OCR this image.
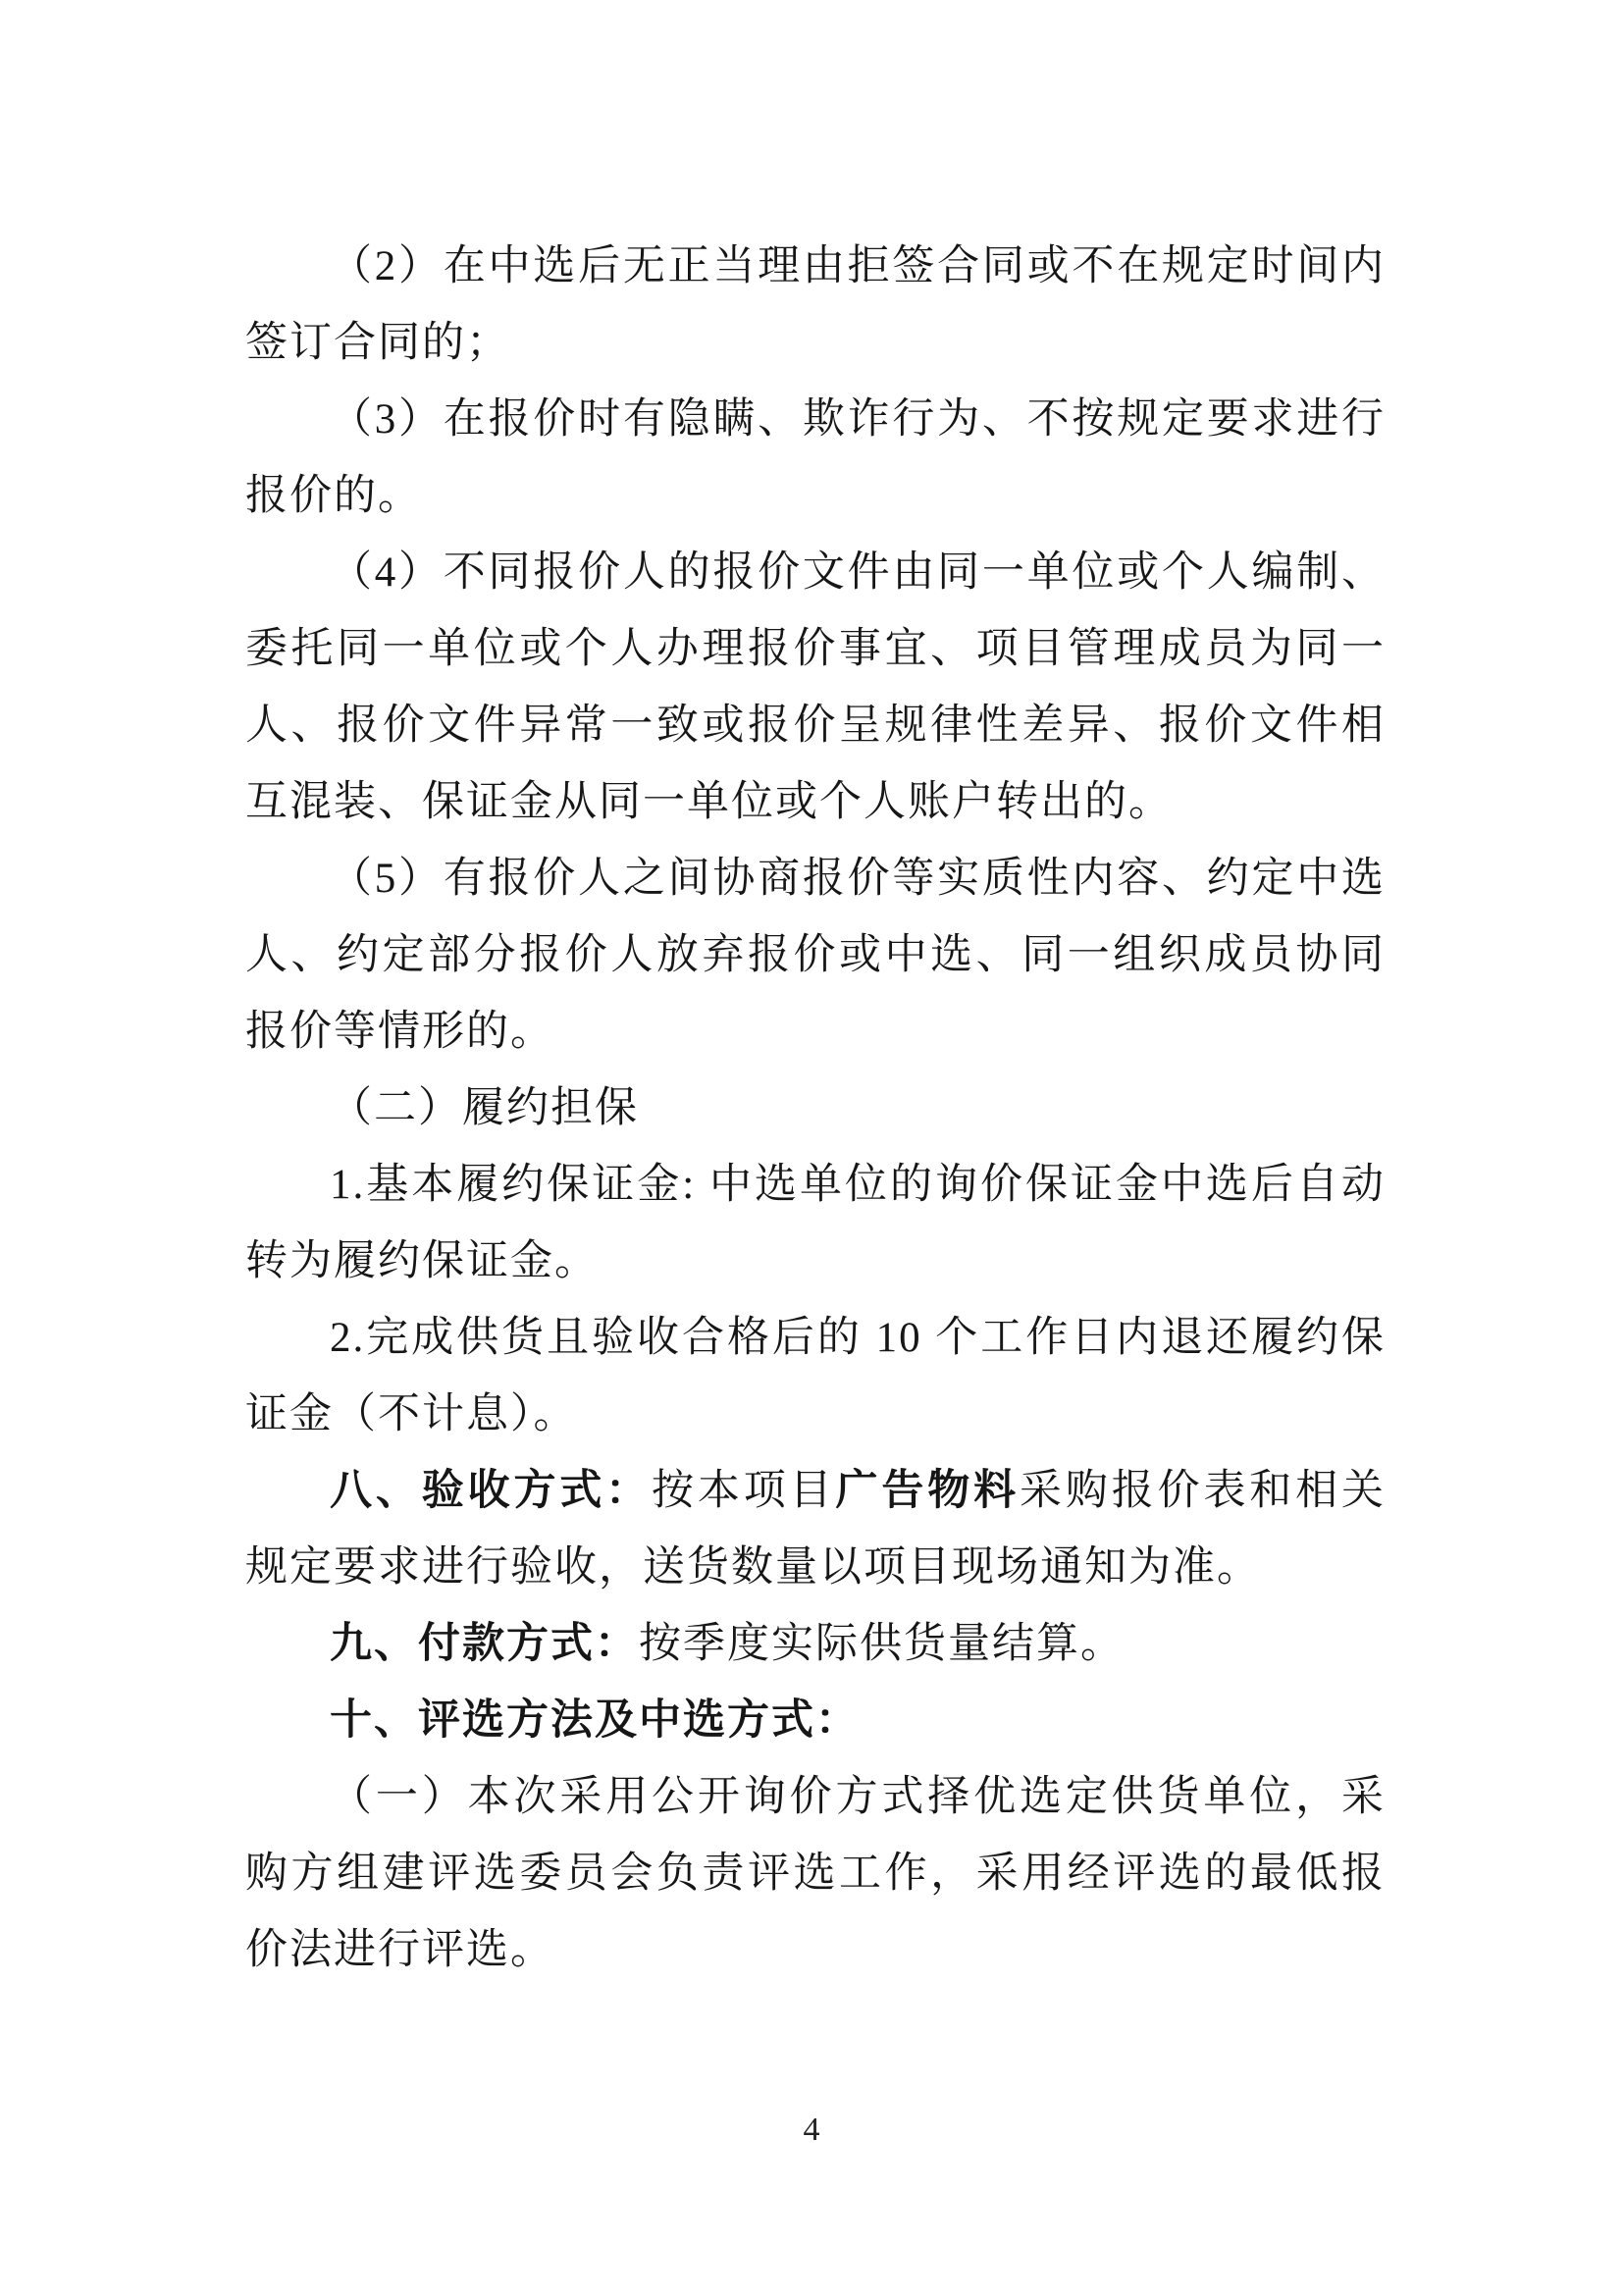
（2）在中选后无正当理由拒签合同或不在规定时间内签订合同的；

（3）在报价时有隐瞒、欺诈行为、不按规定要求进行报价的。

（4）不同报价人的报价文件由同一单位或个人编制、委托同一单位或个人办理报价事宜、项目管理成员为同一人、报价文件异常一致或报价呈规律性差异、报价文件相互混装、保证金从同一单位或个人账户转出的。

（5）有报价人之间协商报价等实质性内容、约定中选人、约定部分报价人放弃报价或中选、同一组织成员协同报价等情形的。

（二）履约担保

1.基本履约保证金: 中选单位的询价保证金中选后自动转为履约保证金。

2.完成供货且验收合格后的 10 个工作日内退还履约保证金（不计息）。

八、验收方式：按本项目广告物料采购报价表和相关规定要求进行验收，送货数量以项目现场通知为准。

九、付款方式：按季度实际供货量结算。

十、评选方法及中选方式：

（一）本次采用公开询价方式择优选定供货单位，采购方组建评选委员会负责评选工作，采用经评选的最低报价法进行评选。

4
